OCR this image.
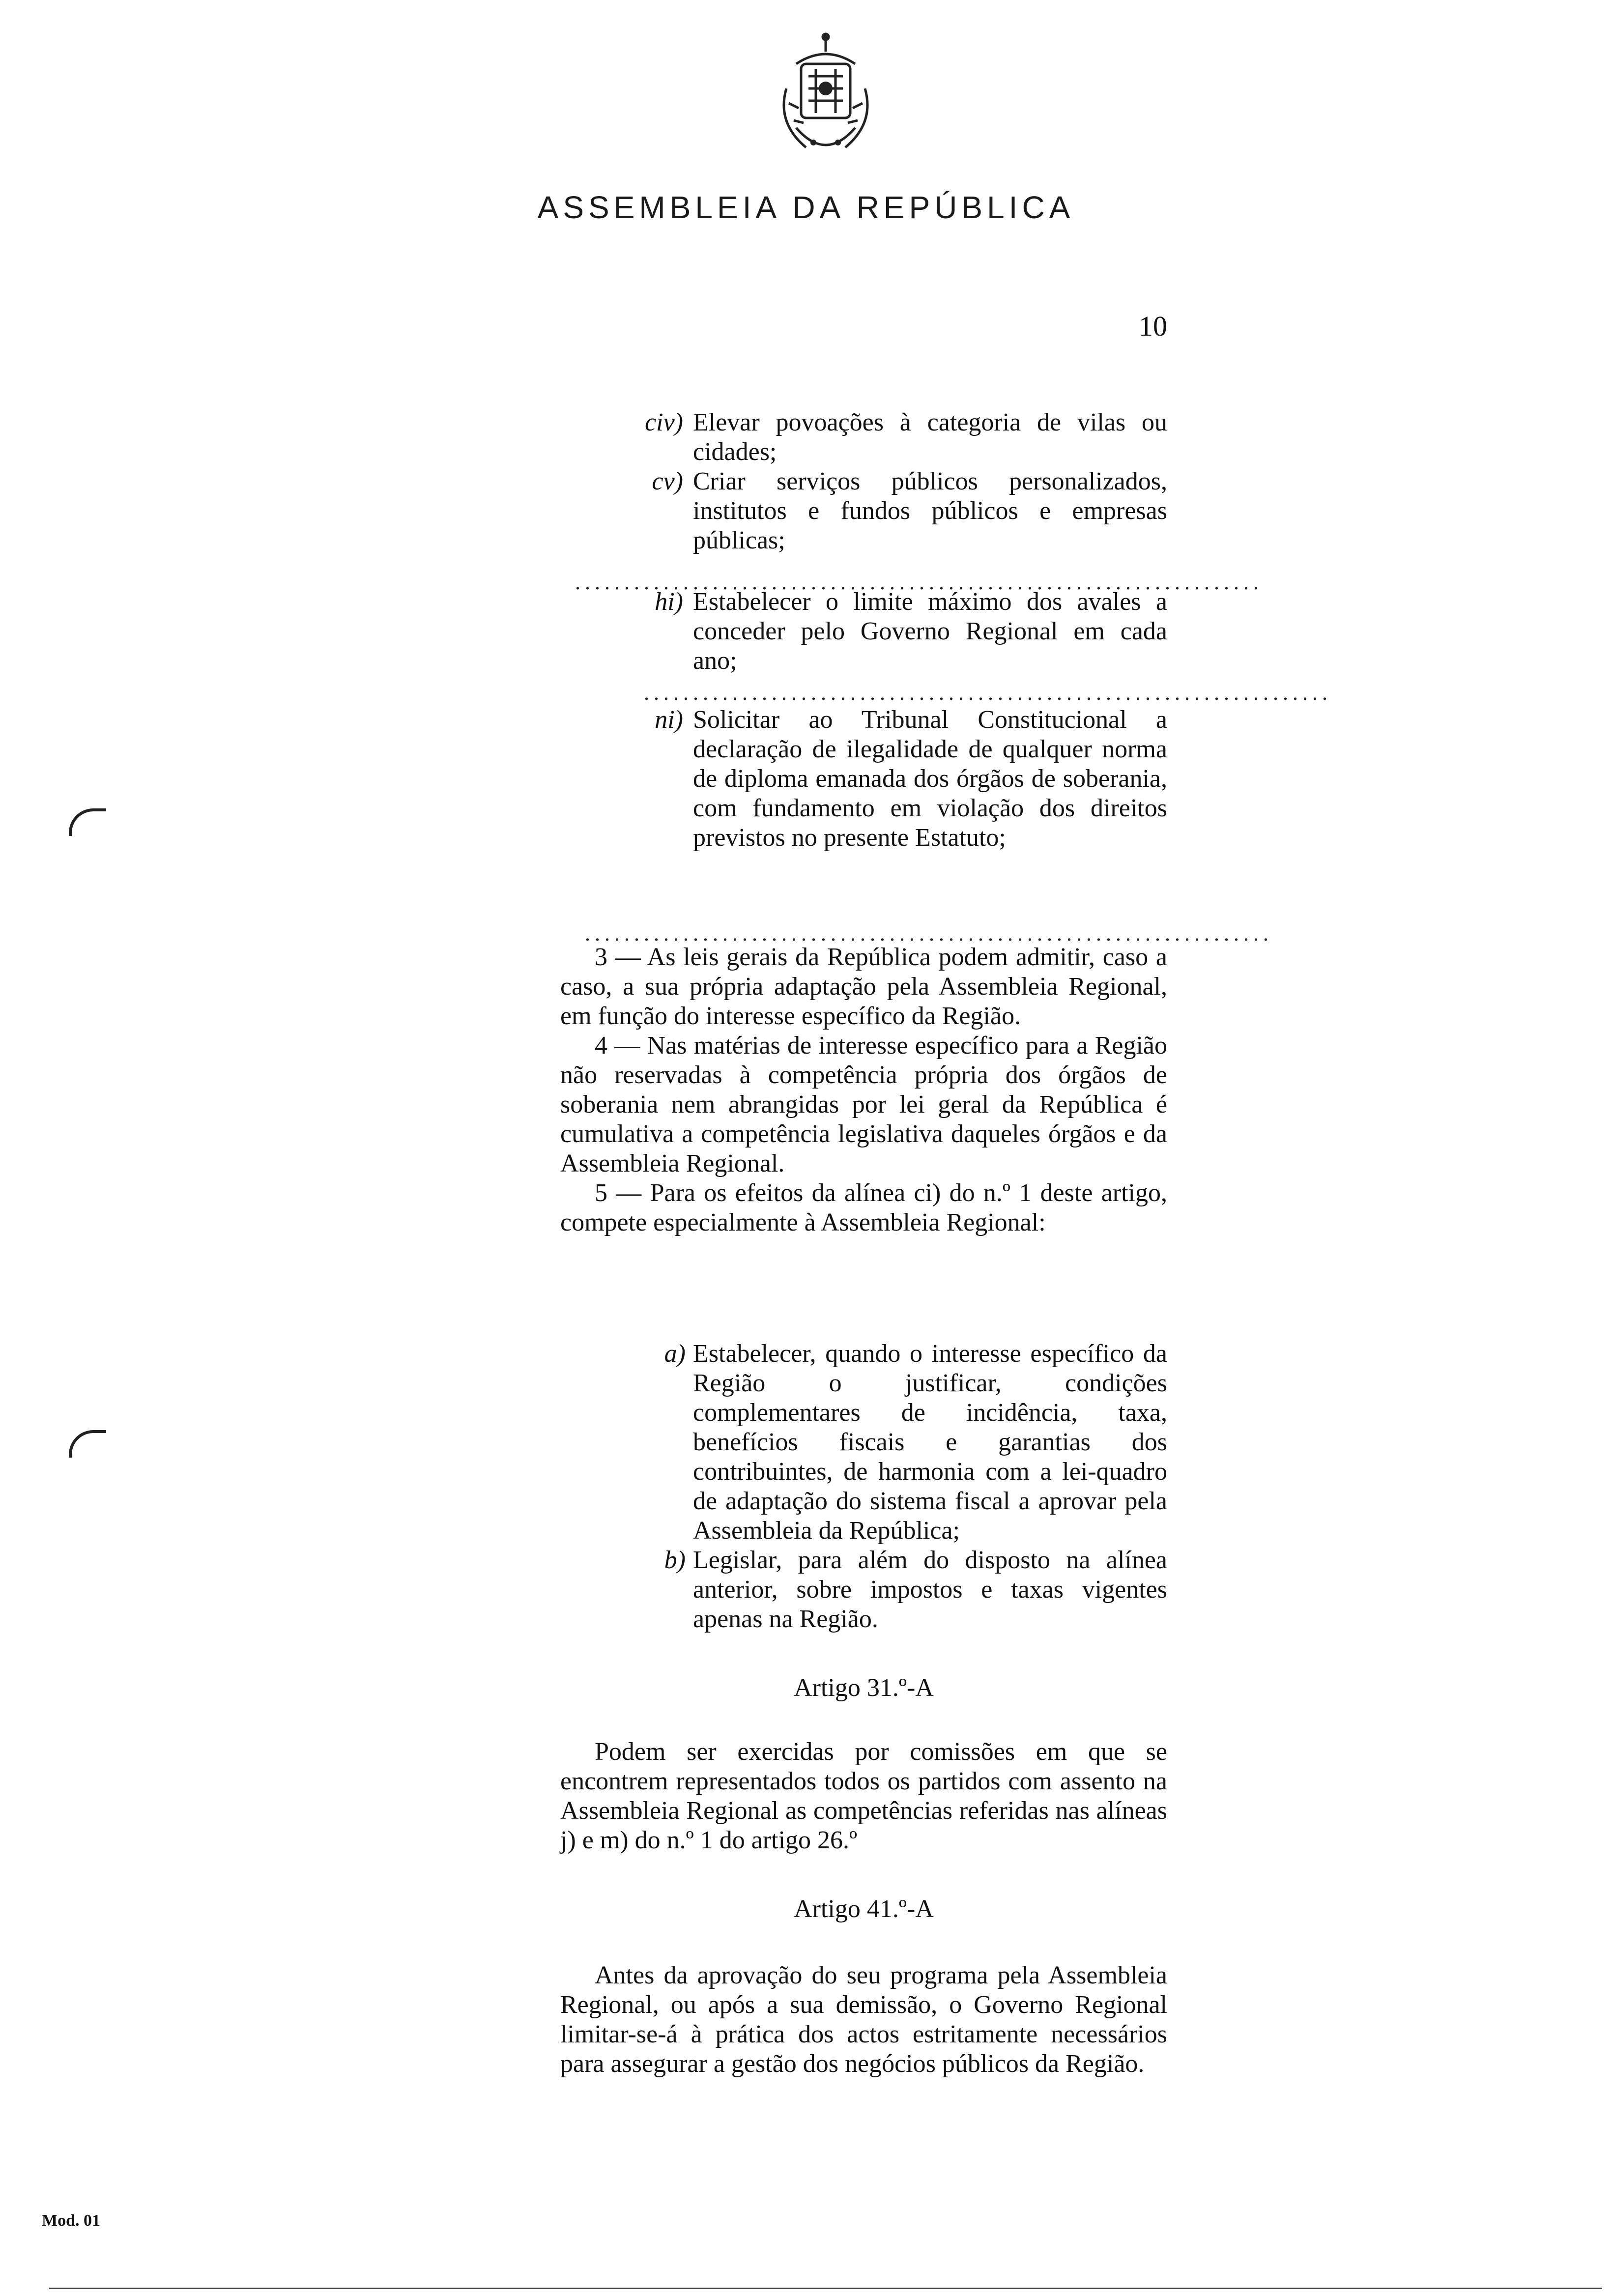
ASSEMBLEIA DA REPÚBLICA
10
civ) Elevar povoações à categoria de vilas ou cidades;
cv) Criar serviços públicos personalizados, institutos e fundos públicos e empresas públicas;
......................................................................
hi) Estabelecer o limite máximo dos avales a conceder pelo Governo Regional em cada ano;
......................................................................
ni) Solicitar ao Tribunal Constitucional a declaração de ilegalidade de qualquer norma de diploma emanada dos órgãos de soberania, com fundamento em violação dos direitos previstos no presente Estatuto;
......................................................................

3 — As leis gerais da República podem admitir, caso a caso, a sua própria adaptação pela Assembleia Regional, em função do interesse específico da Região.

4 — Nas matérias de interesse específico para a Região não reservadas à competência própria dos órgãos de soberania nem abrangidas por lei geral da República é cumulativa a competência legislativa daqueles órgãos e da Assembleia Regional.

5 — Para os efeitos da alínea ci) do n.º 1 deste artigo, compete especialmente à Assembleia Regional:

a) Estabelecer, quando o interesse específico da Região o justificar, condições complementares de incidência, taxa, benefícios fiscais e garantias dos contribuintes, de harmonia com a lei-quadro de adaptação do sistema fiscal a aprovar pela Assembleia da República;
b) Legislar, para além do disposto na alínea anterior, sobre impostos e taxas vigentes apenas na Região.

Artigo 31.º-A

Podem ser exercidas por comissões em que se encontrem representados todos os partidos com assento na Assembleia Regional as competências referidas nas alíneas j) e m) do n.º 1 do artigo 26.º

Artigo 41.º-A

Antes da aprovação do seu programa pela Assembleia Regional, ou após a sua demissão, o Governo Regional limitar-se-á à prática dos actos estritamente necessários para assegurar a gestão dos negócios públicos da Região.

Mod. 01
